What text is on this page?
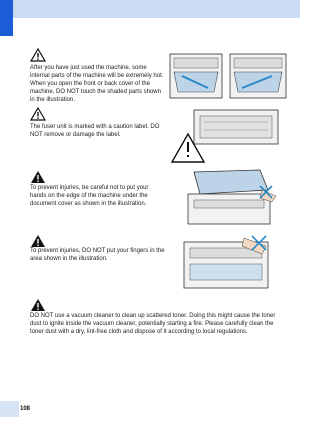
After you have just used the machine, some
internal parts of the machine will be extremely hot.
When you open the front or back cover of the
machine, DO NOT touch the shaded parts shown
in the illustration.

The fuser unit is marked with a caution label. DO
NOT remove or damage the label.

To prevent injuries, be careful not to put your
hands on the edge of the machine under the
document cover as shown in the illustration.

To prevent injuries, DO NOT put your fingers in the
area shown in the illustration.

DO NOT use a vacuum cleaner to clean up scattered toner. Doing this might cause the toner
dust to ignite inside the vacuum cleaner, potentially starting a fire. Please carefully clean the
toner dust with a dry, lint-free cloth and dispose of it according to local regulations.

108
